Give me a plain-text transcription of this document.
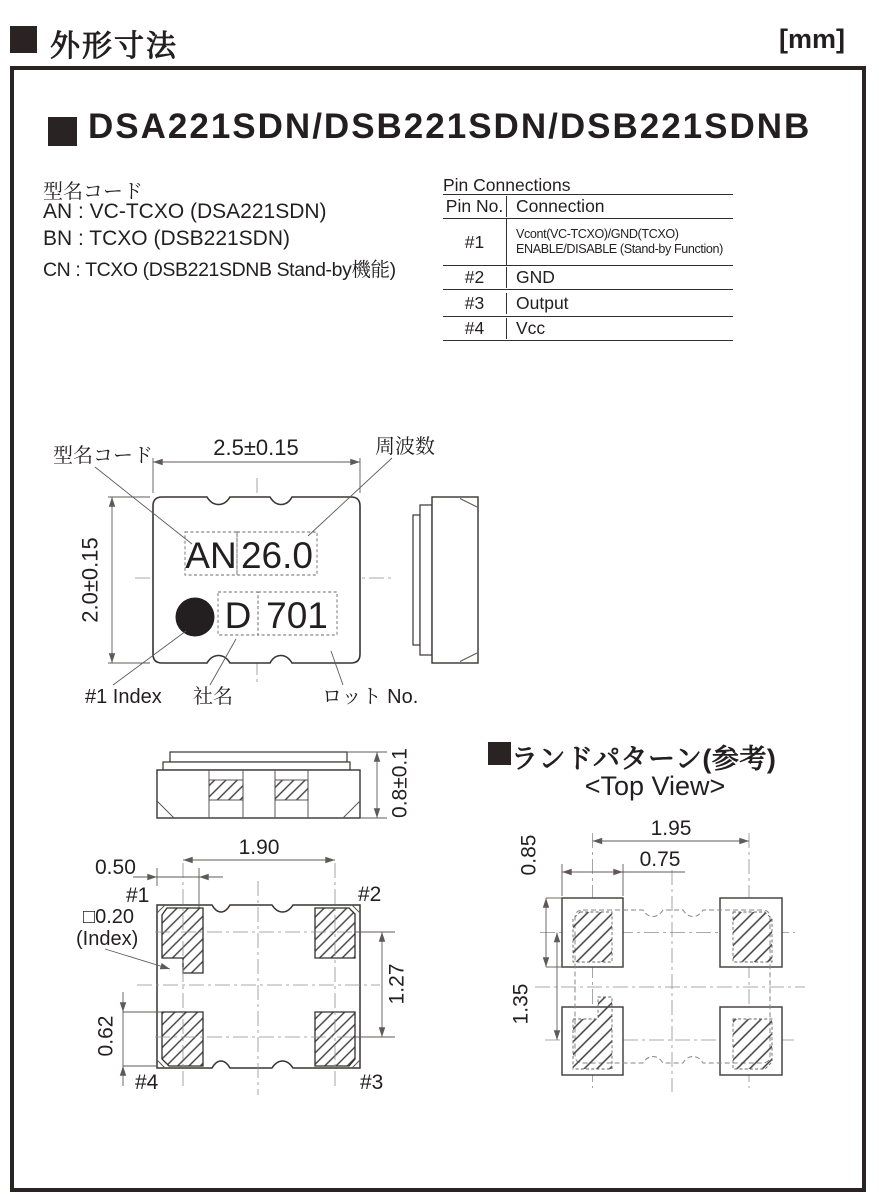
外形寸法	[mm]
DSA221SDN/DSB221SDN/DSB221SDNB
型名コード
AN : VC-TCXO (DSA221SDN)
BN : TCXO (DSB221SDN)
CN : TCXO (DSB221SDNB Stand-by機能)
Pin Connections
Pin No. Connection
#1	Vcont(VC-TCXO)/GND(TCXO)
ENABLE/DISABLE (Stand-by Function)
#2	GND
#3	Output
#4	Vcc
AN 26.0
D 701
2.5±0.15
2.0±0.15
型名コード	周波数
#1 Index 社名	ロット No.
0.8±0.1
1.90
0.50
0.62
1.27
#1	#2
#3
#4
□0.20
(Index)
ランドパターン(参考)
<Top View>
1.95
0.75
0.85
1.35
